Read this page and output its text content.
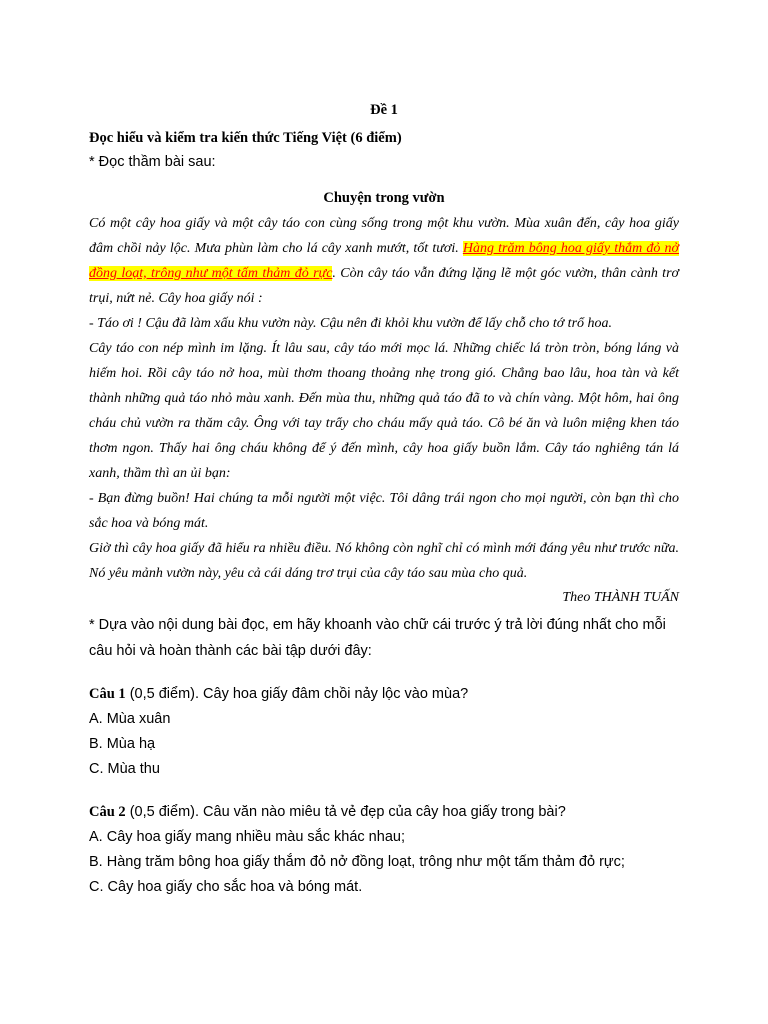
Đề 1

Đọc hiểu và kiểm tra kiến thức Tiếng Việt (6 điểm)

* Đọc thầm bài sau:

Chuyện trong vườn

Có một cây hoa giấy và một cây táo con cùng sống trong một khu vườn. Mùa xuân đến, cây hoa giấy đâm chồi nảy lộc. Mưa phùn làm cho lá cây xanh mướt, tốt tươi. Hàng trăm bông hoa giấy thắm đỏ nở đồng loạt, trông như một tấm thảm đỏ rực. Còn cây táo vẫn đứng lặng lẽ một góc vườn, thân cành trơ trụi, nứt nẻ. Cây hoa giấy nói :

- Táo ơi ! Cậu đã làm xấu khu vườn này. Cậu nên đi khỏi khu vườn để lấy chỗ cho tớ trổ hoa.

Cây táo con nép mình im lặng. Ít lâu sau, cây táo mới mọc lá. Những chiếc lá tròn tròn, bóng láng và hiếm hoi. Rồi cây táo nở hoa, mùi thơm thoang thoảng nhẹ trong gió. Chẳng bao lâu, hoa tàn và kết thành những quả táo nhỏ màu xanh. Đến mùa thu, những quả táo đã to và chín vàng. Một hôm, hai ông cháu chủ vườn ra thăm cây. Ông với tay trẩy cho cháu mấy quả táo. Cô bé ăn và luôn miệng khen táo thơm ngon. Thấy hai ông cháu không để ý đến mình, cây hoa giấy buồn lắm. Cây táo nghiêng tán lá xanh, thầm thì an ủi bạn:

- Bạn đừng buồn! Hai chúng ta mỗi người một việc. Tôi dâng trái ngon cho mọi người, còn bạn thì cho sắc hoa và bóng mát.

Giờ thì cây hoa giấy đã hiểu ra nhiều điều. Nó không còn nghĩ chỉ có mình mới đáng yêu như trước nữa. Nó yêu mảnh vườn này, yêu cả cái dáng trơ trụi của cây táo sau mùa cho quả.

Theo THÀNH TUẤN

* Dựa vào nội dung bài đọc, em hãy khoanh vào chữ cái trước ý trả lời đúng nhất cho mỗi câu hỏi và hoàn thành các bài tập dưới đây:

Câu 1 (0,5 điểm). Cây hoa giấy đâm chồi nảy lộc vào mùa?

A. Mùa xuân

B. Mùa hạ

C. Mùa thu

Câu 2 (0,5 điểm). Câu văn nào miêu tả vẻ đẹp của cây hoa giấy trong bài?

A. Cây hoa giấy mang nhiều màu sắc khác nhau;

B. Hàng trăm bông hoa giấy thắm đỏ nở đồng loạt, trông như một tấm thảm đỏ rực;

C. Cây hoa giấy cho sắc hoa và bóng mát.
